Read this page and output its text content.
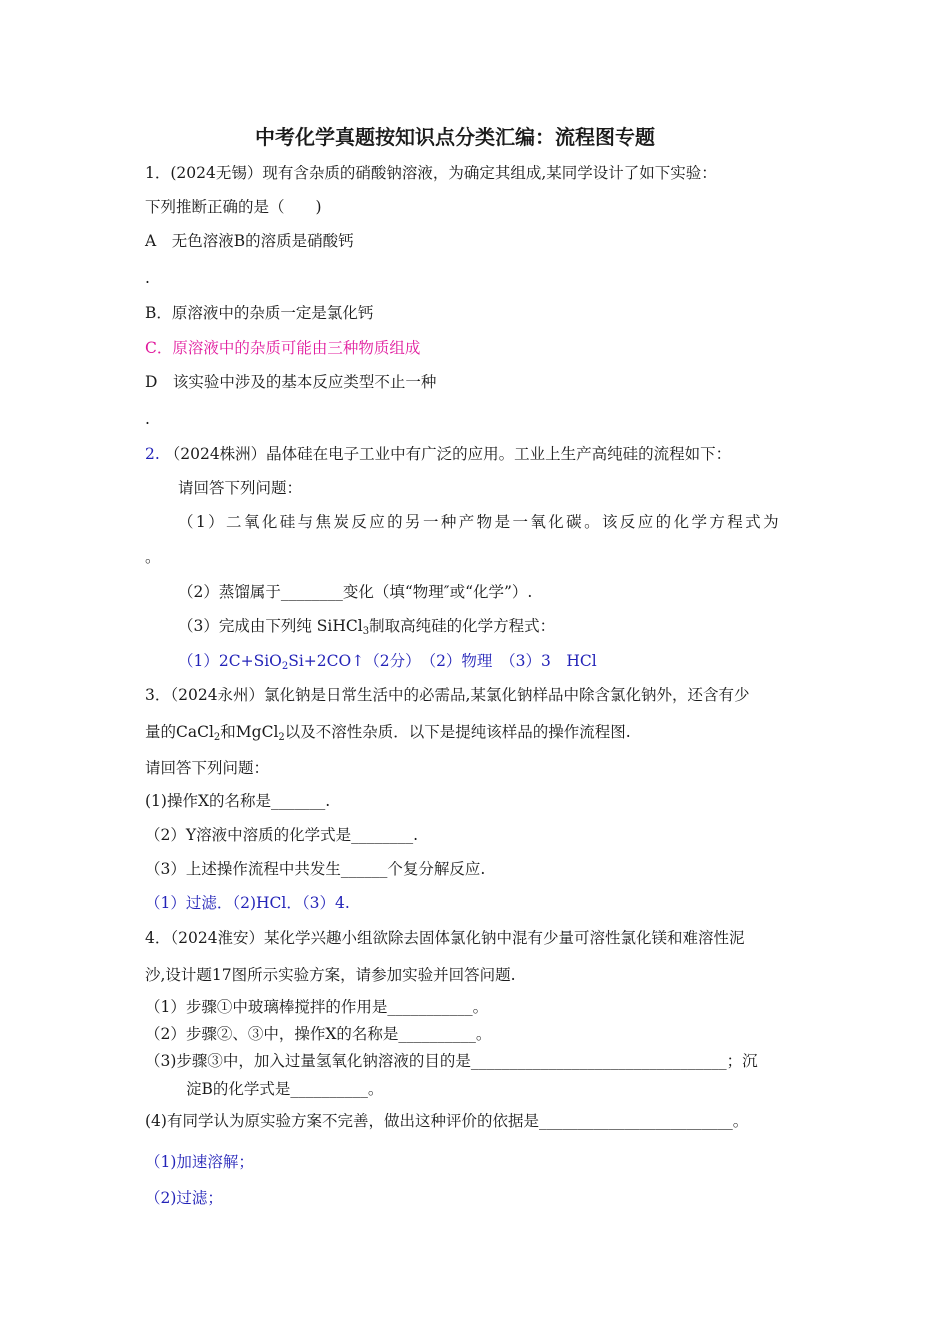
中考化学真题按知识点分类汇编：流程图专题
1．(2024无锡）现有含杂质的硝酸钠溶液，为确定其组成,某同学设计了如下实验：
下列推断正确的是（　　)
A　无色溶液B的溶质是硝酸钙
.
B．原溶液中的杂质一定是氯化钙
C．原溶液中的杂质可能由三种物质组成
D　该实验中涉及的基本反应类型不止一种
.
2. （2024株洲）晶体硅在电子工业中有广泛的应用。工业上生产高纯硅的流程如下：
请回答下列问题：
（1）二氧化硅与焦炭反应的另一种产物是一氧化碳。该反应的化学方程式为
。
（2）蒸馏属于________变化（填“物理″或“化学”）.
（3）完成由下列纯 SiHCl$_3$制取高纯硅的化学方程式：
（1）2C+SiO$_2$Si+2CO↑（2分）　（2）物理　（3）3　HCl
3．（2024永州）氯化钠是日常生活中的必需品,某氯化钠样品中除含氯化钠外，还含有少
量的CaCl$_2$和MgCl$_2$以及不溶性杂质．以下是提纯该样品的操作流程图.
请回答下列问题：
(1)操作X的名称是_______.
（2）Y溶液中溶质的化学式是________.
（3）上述操作流程中共发生______个复分解反应.
（1）过滤．（2)HCl．（3）4.
4．（2024淮安）某化学兴趣小组欲除去固体氯化钠中混有少量可溶性氯化镁和难溶性泥
沙,设计题17图所示实验方案，请参加实验并回答问题.
（1）步骤①中玻璃棒搅拌的作用是___________。
（2）步骤②、③中，操作X的名称是__________。
（3)步骤③中，加入过量氢氧化钠溶液的目的是_________________________________；沉
淀B的化学式是__________。
(4)有同学认为原实验方案不完善，做出这种评价的依据是_________________________。
（1)加速溶解；
（2)过滤；
